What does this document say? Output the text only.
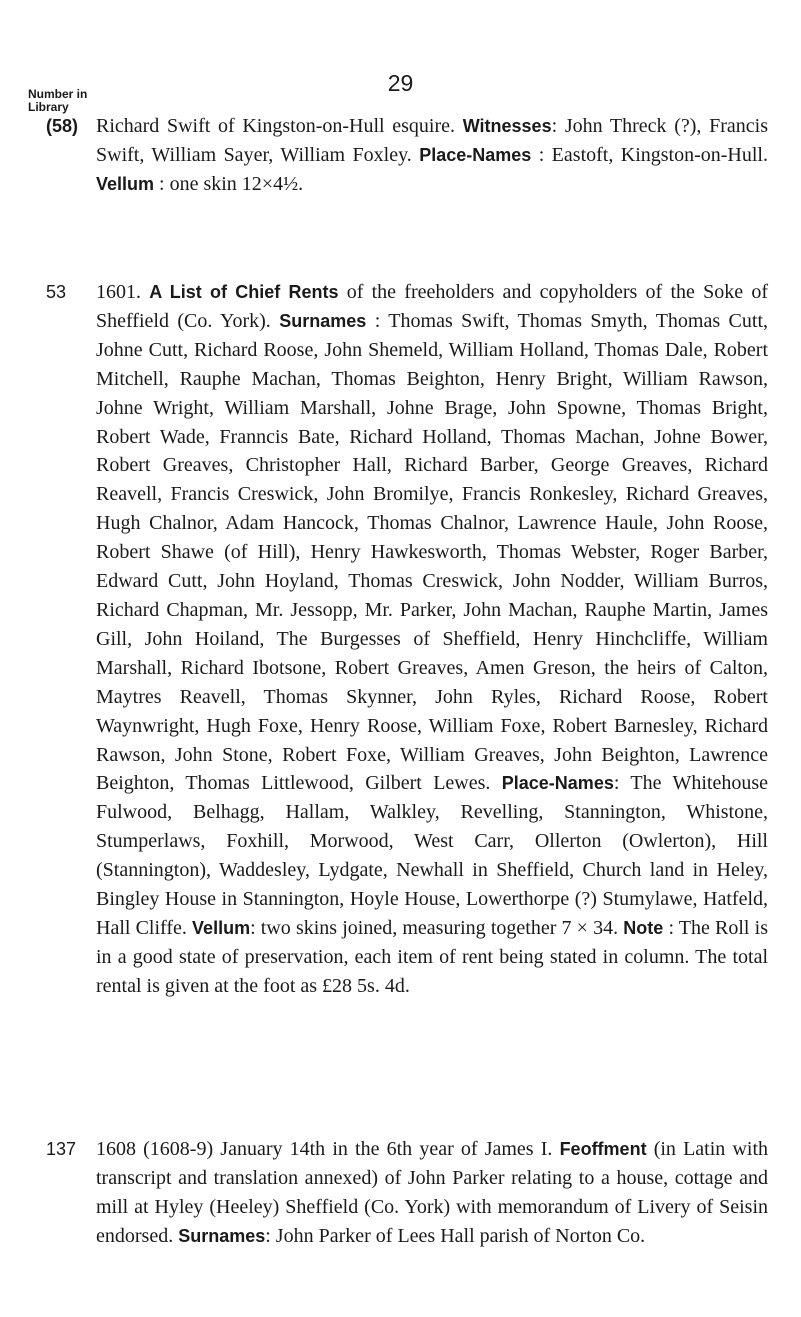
29
Number in
Library
(58) Richard Swift of Kingston-on-Hull esquire. Witnesses: John Threck (?), Francis Swift, William Sayer, William Foxley. Place-Names : Eastoft, Kingston-on-Hull. Vellum : one skin 12×4½.

53 1601. A List of Chief Rents of the freeholders and copyholders of the Soke of Sheffield (Co. York). Surnames : Thomas Swift, Thomas Smyth, Thomas Cutt, Johne Cutt, Richard Roose, John Shemeld, William Holland, Thomas Dale, Robert Mitchell, Rauphe Machan, Thomas Beighton, Henry Bright, William Rawson, Johne Wright, William Marshall, Johne Brage, John Spowne, Thomas Bright, Robert Wade, Franncis Bate, Richard Holland, Thomas Machan, Johne Bower, Robert Greaves, Christopher Hall, Richard Barber, George Greaves, Richard Reavell, Francis Creswick, John Bromilye, Francis Ronkesley, Richard Greaves, Hugh Chalnor, Adam Hancock, Thomas Chalnor, Lawrence Haule, John Roose, Robert Shawe (of Hill), Henry Hawkesworth, Thomas Webster, Roger Barber, Edward Cutt, John Hoyland, Thomas Creswick, John Nodder, William Burros, Richard Chapman, Mr. Jessopp, Mr. Parker, John Machan, Rauphe Martin, James Gill, John Hoiland, The Burgesses of Sheffield, Henry Hinchcliffe, William Marshall, Richard Ibotsone, Robert Greaves, Amen Greson, the heirs of Calton, Maytres Reavell, Thomas Skynner, John Ryles, Richard Roose, Robert Waynwright, Hugh Foxe, Henry Roose, William Foxe, Robert Barnesley, Richard Rawson, John Stone, Robert Foxe, William Greaves, John Beighton, Lawrence Beighton, Thomas Littlewood, Gilbert Lewes. Place-Names: The Whitehouse Fulwood, Belhagg, Hallam, Walkley, Revelling, Stannington, Whistone, Stumperlaws, Foxhill, Morwood, West Carr, Ollerton (Owlerton), Hill (Stannington), Waddesley, Lydgate, Newhall in Sheffield, Church land in Heley, Bingley House in Stannington, Hoyle House, Lowerthorpe (?) Stumylawe, Hatfeld, Hall Cliffe. Vellum: two skins joined, measuring together 7 × 34. Note : The Roll is in a good state of preservation, each item of rent being stated in column. The total rental is given at the foot as £28 5s. 4d.

137 1608 (1608-9) January 14th in the 6th year of James I. Feoffment (in Latin with transcript and translation annexed) of John Parker relating to a house, cottage and mill at Hyley (Heeley) Sheffield (Co. York) with memorandum of Livery of Seisin endorsed. Surnames: John Parker of Lees Hall parish of Norton Co.
